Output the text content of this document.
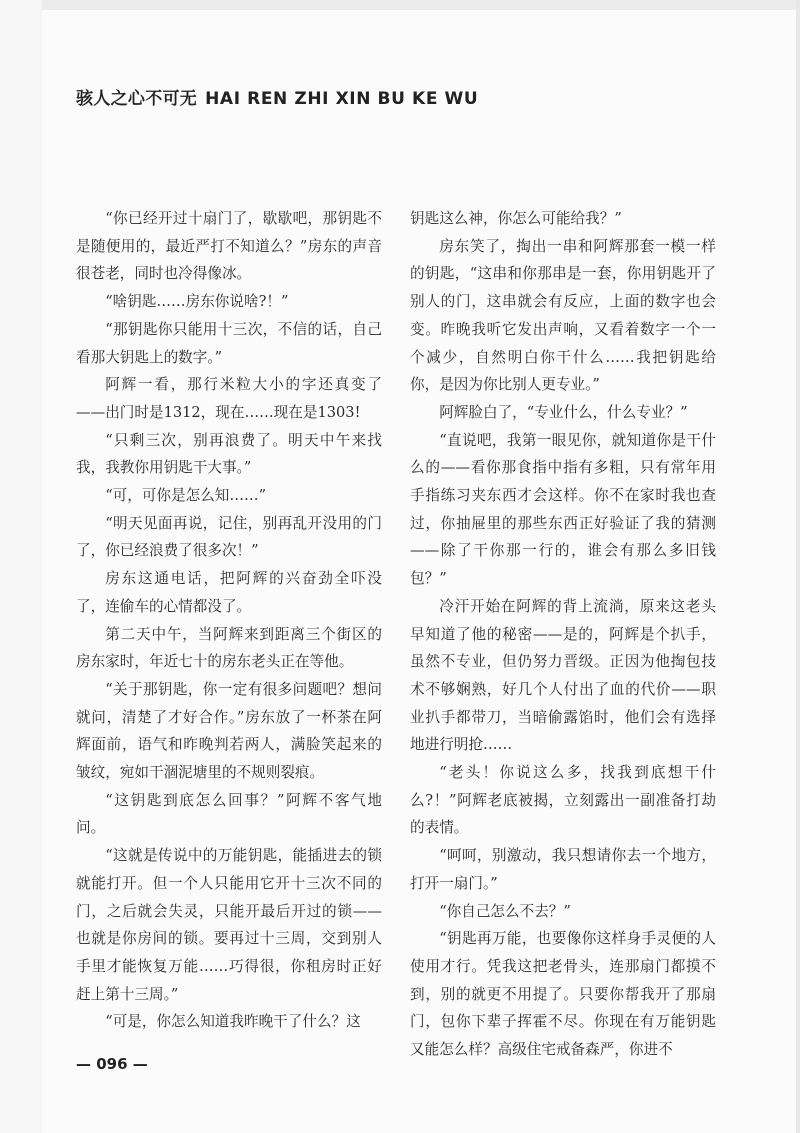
骇人之心不可无 HAI REN ZHI XIN BU KE WU

“你已经开过十扇门了，歇歇吧，那钥匙不是随便用的，最近严打不知道么？”房东的声音很苍老，同时也冷得像冰。

“啥钥匙……房东你说啥?！”

“那钥匙你只能用十三次，不信的话，自己看那大钥匙上的数字。”

阿辉一看，那行米粒大小的字还真变了——出门时是1312，现在……现在是1303!

“只剩三次，别再浪费了。明天中午来找我，我教你用钥匙干大事。”

“可，可你是怎么知……”

“明天见面再说，记住，别再乱开没用的门了，你已经浪费了很多次！”

房东这通电话，把阿辉的兴奋劲全吓没了，连偷车的心情都没了。

第二天中午，当阿辉来到距离三个街区的房东家时，年近七十的房东老头正在等他。

“关于那钥匙，你一定有很多问题吧？想问就问，清楚了才好合作。”房东放了一杯茶在阿辉面前，语气和昨晚判若两人，满脸笑起来的皱纹，宛如干涸泥塘里的不规则裂痕。

“这钥匙到底怎么回事？”阿辉不客气地问。

“这就是传说中的万能钥匙，能插进去的锁就能打开。但一个人只能用它开十三次不同的门，之后就会失灵，只能开最后开过的锁——也就是你房间的锁。要再过十三周，交到别人手里才能恢复万能……巧得很，你租房时正好赶上第十三周。”

“可是，你怎么知道我昨晚干了什么？这

钥匙这么神，你怎么可能给我？”

房东笑了，掏出一串和阿辉那套一模一样的钥匙，“这串和你那串是一套，你用钥匙开了别人的门，这串就会有反应，上面的数字也会变。昨晚我听它发出声响，又看着数字一个一个减少，自然明白你干什么……我把钥匙给你，是因为你比别人更专业。”

阿辉脸白了，“专业什么，什么专业？”

“直说吧，我第一眼见你，就知道你是干什么的——看你那食指中指有多粗，只有常年用手指练习夹东西才会这样。你不在家时我也查过，你抽屉里的那些东西正好验证了我的猜测——除了干你那一行的，谁会有那么多旧钱包？”

冷汗开始在阿辉的背上流淌，原来这老头早知道了他的秘密——是的，阿辉是个扒手，虽然不专业，但仍努力晋级。正因为他掏包技术不够娴熟，好几个人付出了血的代价——职业扒手都带刀，当暗偷露馅时，他们会有选择地进行明抢……

“老头！你说这么多，找我到底想干什么?！”阿辉老底被揭，立刻露出一副准备打劫的表情。

“呵呵，别激动，我只想请你去一个地方，打开一扇门。”

“你自己怎么不去？”

“钥匙再万能，也要像你这样身手灵便的人使用才行。凭我这把老骨头，连那扇门都摸不到，别的就更不用提了。只要你帮我开了那扇门，包你下辈子挥霍不尽。你现在有万能钥匙又能怎么样？高级住宅戒备森严，你进不

— 096 —
